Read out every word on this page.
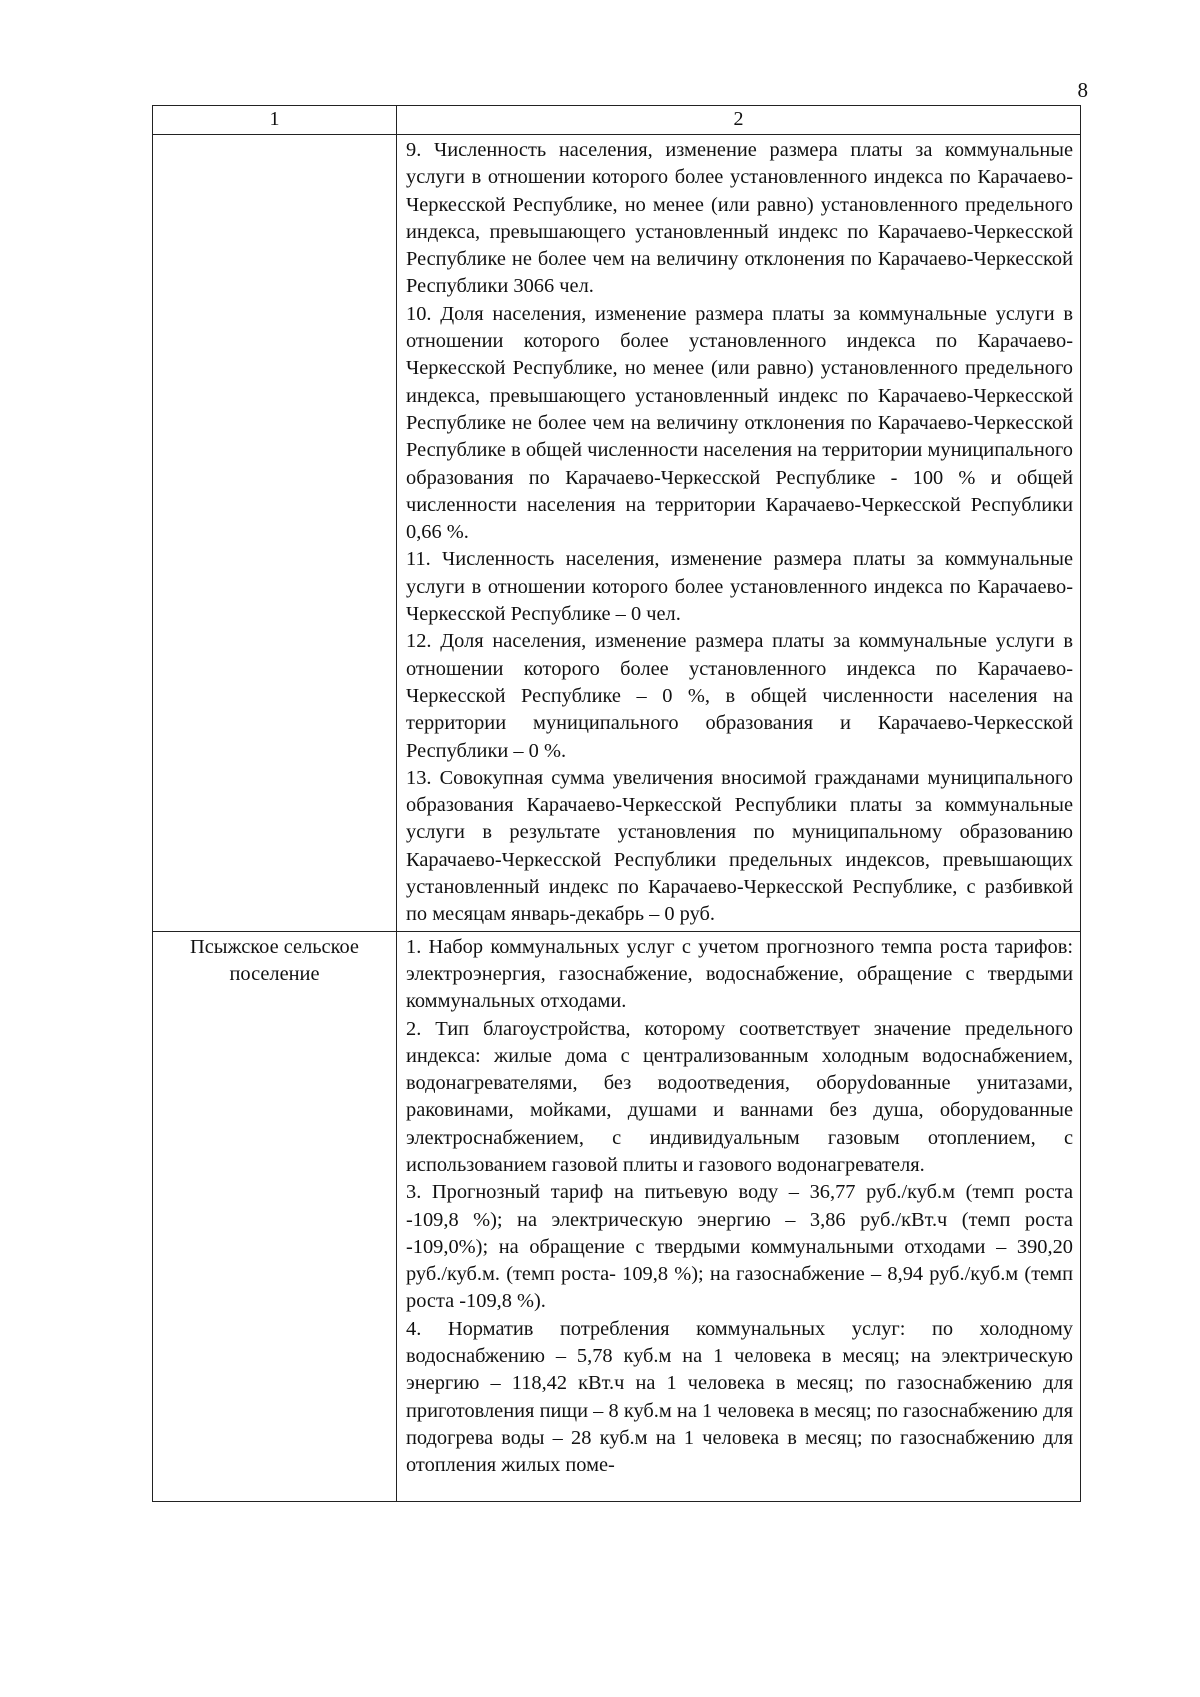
8
1	2

	9. Численность населения, изменение размера платы за коммунальные услуги в отношении которого более установленного индекса по Карачаево-Черкесской Республике, но менее (или равно) установленного предельного индекса, превышающего установленный индекс по Карачаево-Черкесской Республике не более чем на величину отклонения по Карачаево-Черкесской Республики 3066 чел.

10. Доля населения, изменение размера платы за коммунальные услуги в отношении которого более установленного индекса по Карачаево-Черкесской Республике, но менее (или равно) установленного предельного индекса, превышающего установленный индекс по Карачаево-Черкесской Республике не более чем на величину отклонения по Карачаево-Черкесской Республике в общей численности населения на территории муниципального образования по Карачаево-Черкесской Республике - 100 % и общей численности населения на территории Карачаево-Черкесской Республики 0,66 %.

11. Численность населения, изменение размера платы за коммунальные услуги в отношении которого более установленного индекса по Карачаево-Черкесской Республике – 0 чел.

12. Доля населения, изменение размера платы за коммунальные услуги в отношении которого более установленного индекса по Карачаево-Черкесской Республике – 0 %, в общей численности населения на территории муниципального образования и Карачаево-Черкесской Республики – 0 %.

13. Совокупная сумма увеличения вносимой гражданами муниципального образования Карачаево-Черкесской Республики платы за коммунальные услуги в результате установления по муниципальному образованию Карачаево-Черкесской Республики предельных индексов, превышающих установленный индекс по Карачаево-Черкесской Республике, с разбивкой по месяцам январь-декабрь – 0 руб.

Псыжское сельское поселение	1. Набор коммунальных услуг с учетом прогнозного темпа роста тарифов: электроэнергия, газоснабжение, водоснабжение, обращение с твердыми коммунальных отходами.

2. Тип благоустройства, которому соответствует значение предельного индекса: жилые дома с централизованным холодным водоснабжением, водонагревателями, без водоотведения, оборуdованные унитазами, раковинами, мойками, душами и ваннами без душа, оборудованные электроснабжением, с индивидуальным газовым отоплением, с использованием газовой плиты и газового водонагревателя.

3. Прогнозный тариф на питьевую воду – 36,77 руб./куб.м (темп роста -109,8 %); на электрическую энергию – 3,86 руб./кВт.ч (темп роста -109,0%); на обращение с твердыми коммунальными отходами – 390,20 руб./куб.м. (темп роста- 109,8 %); на газоснабжение – 8,94 руб./куб.м (темп роста -109,8 %).

4. Норматив потребления коммунальных услуг: по холодному водоснабжению – 5,78 куб.м на 1 человека в месяц; на электрическую энергию – 118,42 кВт.ч на 1 человека в месяц; по газоснабжению для приготовления пищи – 8 куб.м на 1 человека в месяц; по газоснабжению для подогрева воды – 28 куб.м на 1 человека в месяц; по газоснабжению для отопления жилых поме-
